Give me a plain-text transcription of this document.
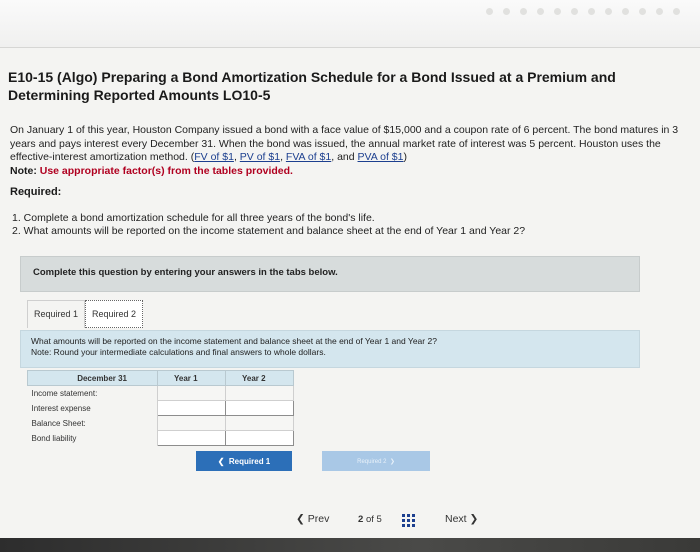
E10-15 (Algo) Preparing a Bond Amortization Schedule for a Bond Issued at a Premium and Determining Reported Amounts LO10-5
On January 1 of this year, Houston Company issued a bond with a face value of $15,000 and a coupon rate of 6 percent. The bond matures in 3 years and pays interest every December 31. When the bond was issued, the annual market rate of interest was 5 percent. Houston uses the effective-interest amortization method. (FV of $1, PV of $1, FVA of $1, and PVA of $1)
Note: Use appropriate factor(s) from the tables provided.
Required:
1. Complete a bond amortization schedule for all three years of the bond's life.
2. What amounts will be reported on the income statement and balance sheet at the end of Year 1 and Year 2?
Complete this question by entering your answers in the tabs below.
Required 1	Required 2
What amounts will be reported on the income statement and balance sheet at the end of Year 1 and Year 2?
Note: Round your intermediate calculations and final answers to whole dollars.
December 31	Year 1	Year 2
Income statement:		
Interest expense		
Balance Sheet:		
Bond liability		
❮ Required 1	Required 2 ❯
❮ Prev	2 of 5	Next ❯
